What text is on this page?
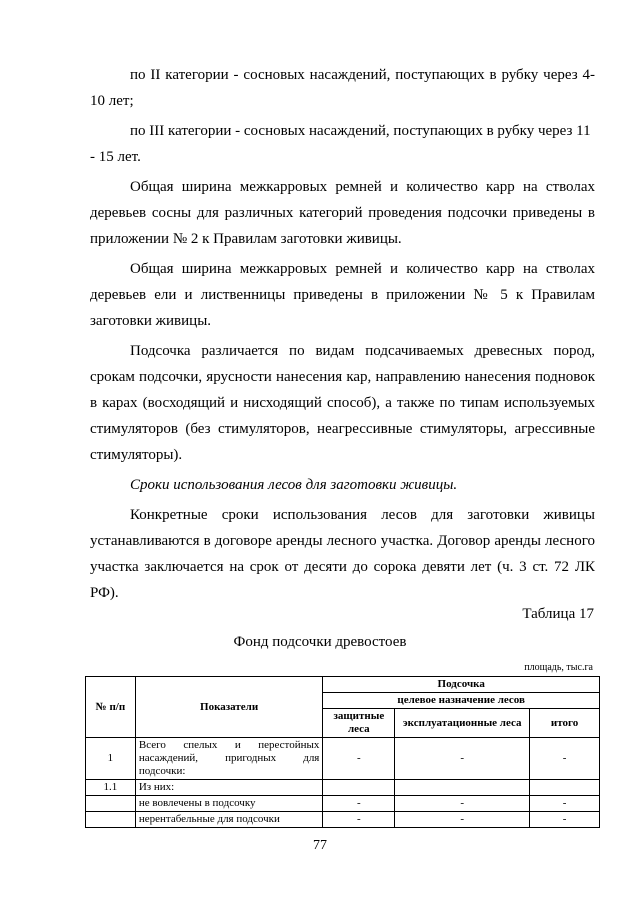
по II категории - сосновых насаждений, поступающих в рубку через 4-10 лет;

по III категории - сосновых насаждений, поступающих в рубку через 11 - 15 лет.

Общая ширина межкарровых ремней и количество карр на стволах деревьев сосны для различных категорий проведения подсочки приведены в приложении № 2 к Правилам заготовки живицы.

Общая ширина межкарровых ремней и количество карр на стволах деревьев ели и лиственницы приведены в приложении № 5 к Правилам заготовки живицы.

Подсочка различается по видам подсачиваемых древесных пород, срокам подсочки, ярусности нанесения кар, направлению нанесения подновок в карах (восходящий и нисходящий способ), а также по типам используемых стимуляторов (без стимуляторов, неагрессивные стимуляторы, агрессивные стимуляторы).

Сроки использования лесов для заготовки живицы.

Конкретные сроки использования лесов для заготовки живицы устанавливаются в договоре аренды лесного участка. Договор аренды лесного участка заключается на срок от десяти до сорока девяти лет (ч. 3 ст. 72 ЛК РФ).

Таблица 17
Фонд подсочки древостоев
площадь, тыс.га
№ п/п	Показатели	Подсочка		
		целевое назначение лесов		
		защитные леса	эксплуатационные леса	итого
1	Всего спелых и перестойных насаждений, пригодных для подсочки:	-	-	-
1.1	Из них:			
	не вовлечены в подсочку	-	-	-
	нерентабельные для подсочки	-	-	-
77
